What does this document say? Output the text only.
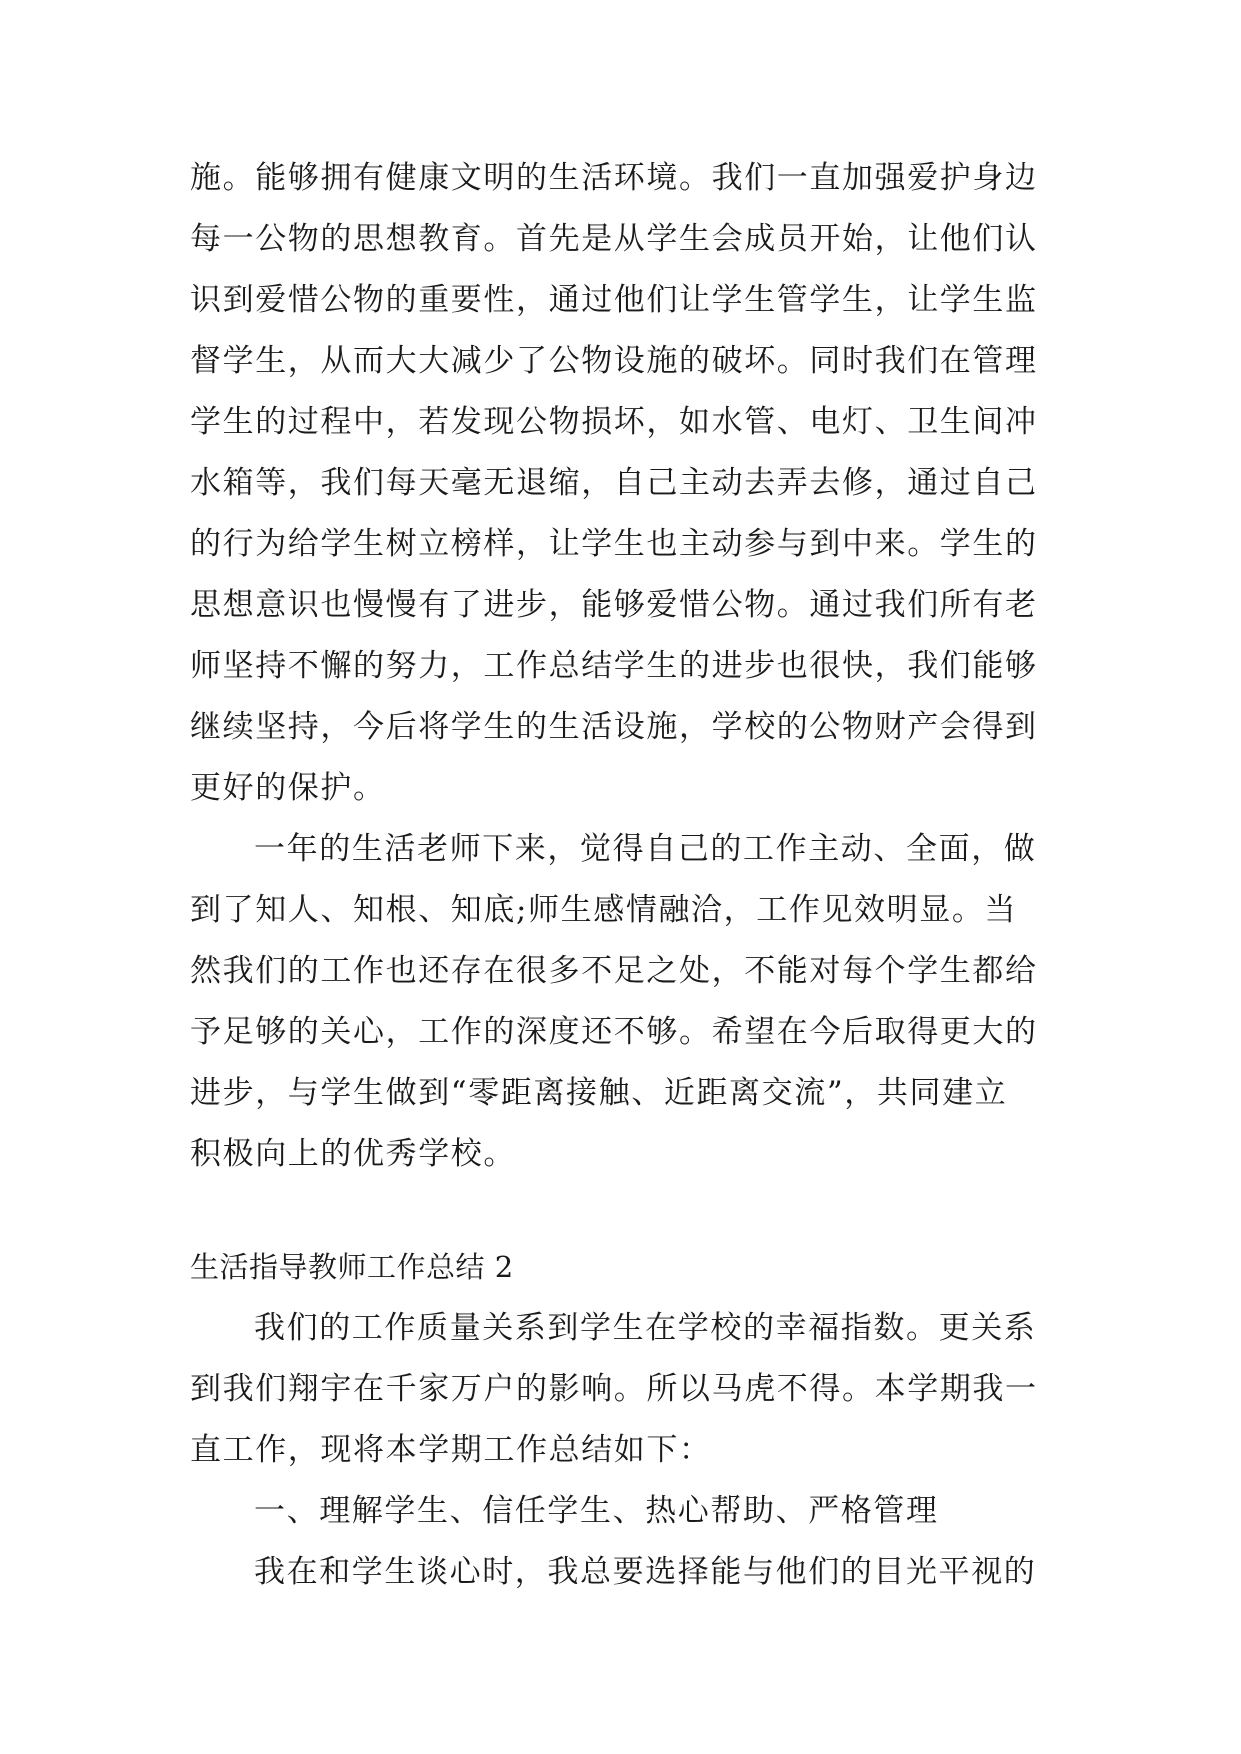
施。能够拥有健康文明的生活环境。我们一直加强爱护身边
每一公物的思想教育。首先是从学生会成员开始，让他们认
识到爱惜公物的重要性，通过他们让学生管学生，让学生监
督学生，从而大大减少了公物设施的破坏。同时我们在管理
学生的过程中，若发现公物损坏，如水管、电灯、卫生间冲
水箱等，我们每天毫无退缩，自己主动去弄去修，通过自己
的行为给学生树立榜样，让学生也主动参与到中来。学生的
思想意识也慢慢有了进步，能够爱惜公物。通过我们所有老
师坚持不懈的努力，工作总结学生的进步也很快，我们能够
继续坚持，今后将学生的生活设施，学校的公物财产会得到
更好的保护。
一年的生活老师下来，觉得自己的工作主动、全面，做
到了知人、知根、知底;师生感情融洽，工作见效明显。当
然我们的工作也还存在很多不足之处，不能对每个学生都给
予足够的关心，工作的深度还不够。希望在今后取得更大的
进步，与学生做到“零距离接触、近距离交流”，共同建立
积极向上的优秀学校。
生活指导教师工作总结 2
我们的工作质量关系到学生在学校的幸福指数。更关系
到我们翔宇在千家万户的影响。所以马虎不得。本学期我一
直工作，现将本学期工作总结如下：
一、理解学生、信任学生、热心帮助、严格管理
我在和学生谈心时，我总要选择能与他们的目光平视的
